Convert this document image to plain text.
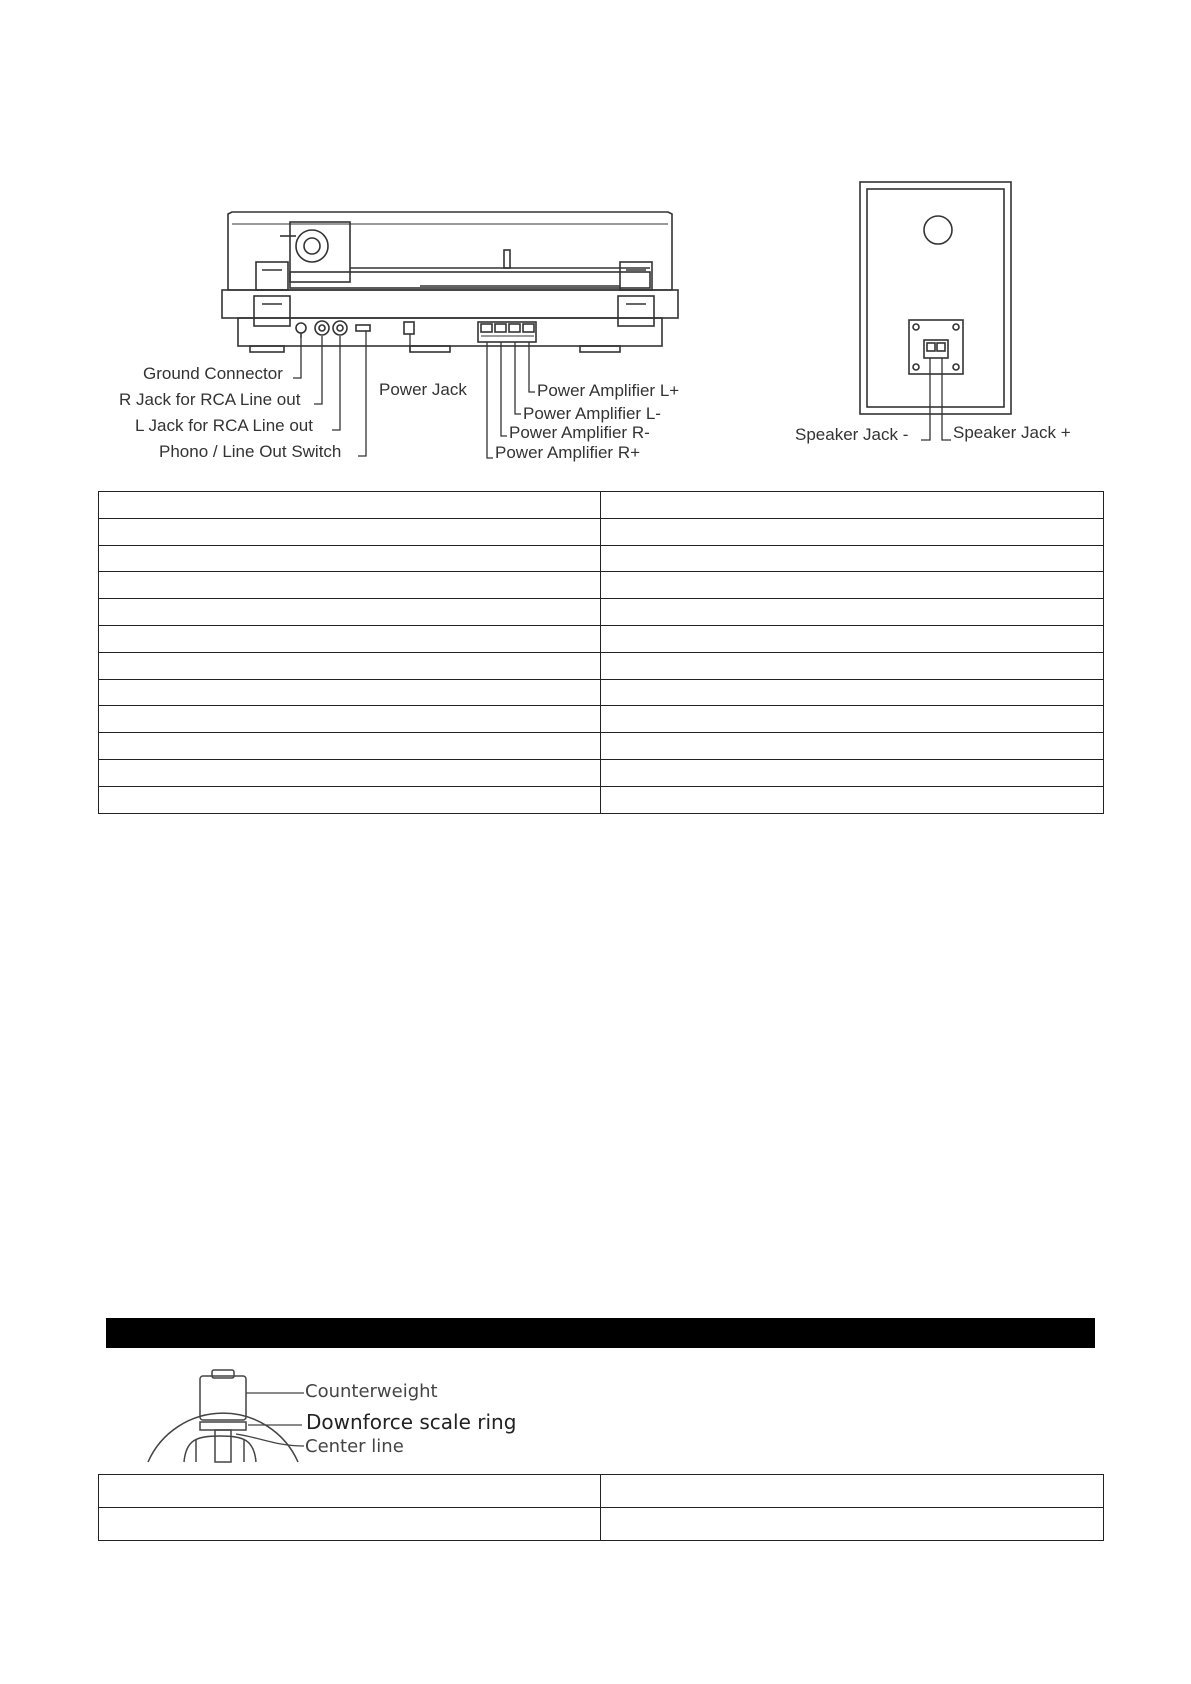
Ground Connector
R Jack for RCA Line out
L Jack for RCA Line out
Phono / Line Out Switch
Power Jack	Power Amplifier L+
Power Amplifier L-
Power Amplifier R-
Power Amplifier R+
Speaker Jack -	Speaker Jack +

Counterweight
Downforce scale ring
Center line
